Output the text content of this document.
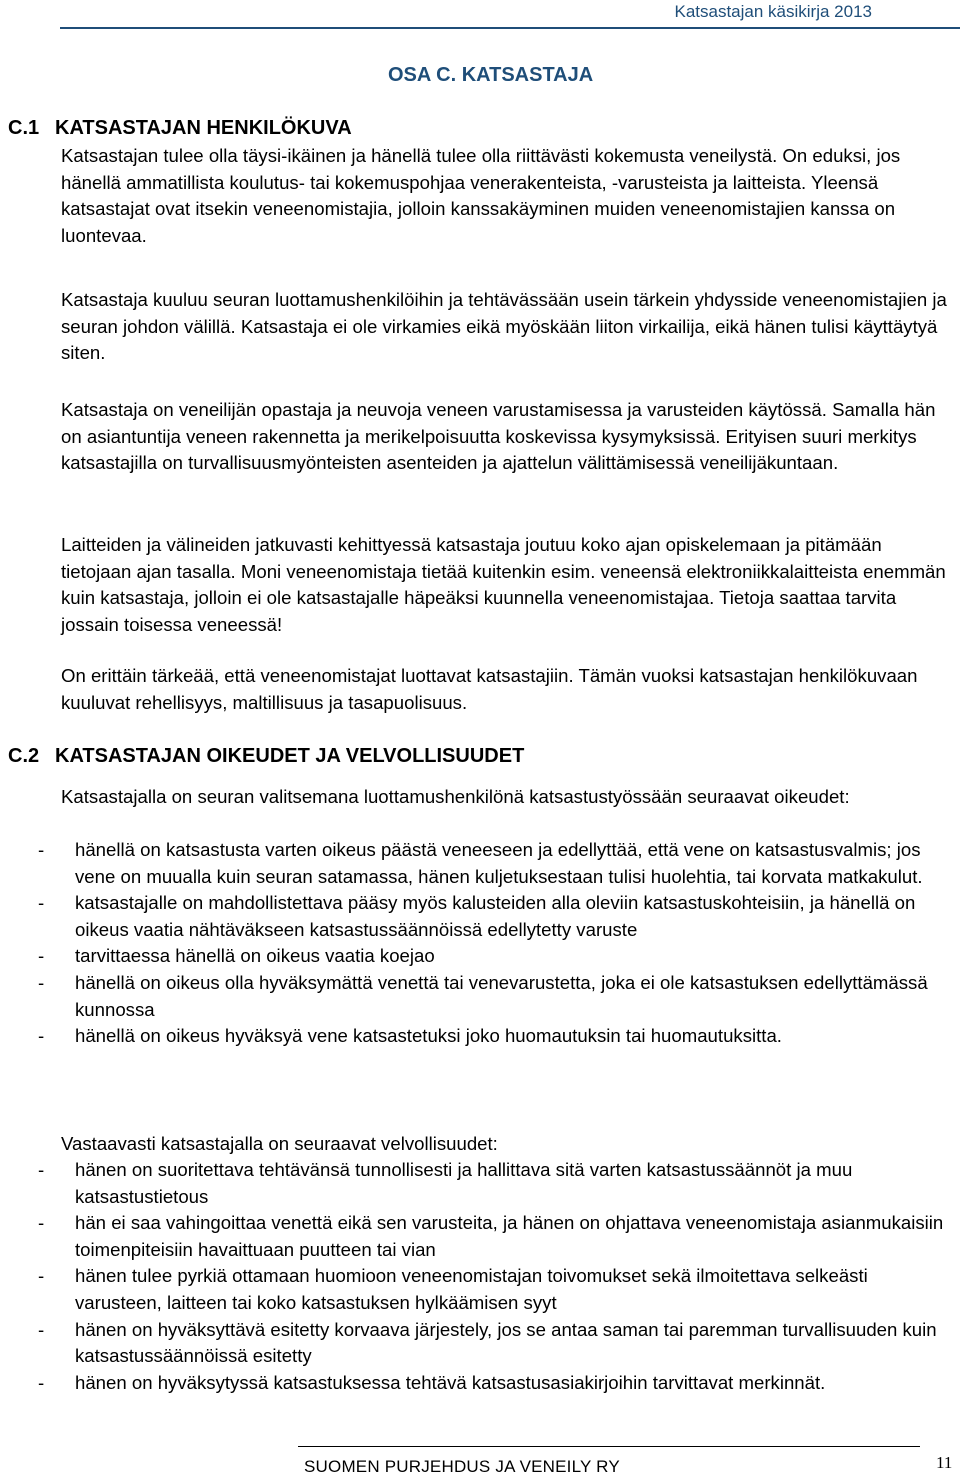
Katsastajan käsikirja 2013
OSA C. KATSASTAJA
C.1 KATSASTAJAN HENKILÖKUVA

Katsastajan tulee olla täysi-ikäinen ja hänellä tulee olla riittävästi kokemusta veneilystä. On eduksi, jos hänellä ammatillista koulutus- tai kokemuspohjaa venerakenteista, -varusteista ja laitteista. Yleensä katsastajat ovat itsekin veneenomistajia, jolloin kanssakäyminen muiden veneenomistajien kanssa on luontevaa.

Katsastaja kuuluu seuran luottamushenkilöihin ja tehtävässään usein tärkein yhdysside veneenomistajien ja seuran johdon välillä. Katsastaja ei ole virkamies eikä myöskään liiton virkailija, eikä hänen tulisi käyttäytyä siten.

Katsastaja on veneilijän opastaja ja neuvoja veneen varustamisessa ja varusteiden käytössä. Samalla hän on asiantuntija veneen rakennetta ja merikelpoisuutta koskevissa kysymyksissä. Erityisen suuri merkitys katsastajilla on turvallisuusmyönteisten asenteiden ja ajattelun välittämisessä veneilijäkuntaan.

Laitteiden ja välineiden jatkuvasti kehittyessä katsastaja joutuu koko ajan opiskelemaan ja pitämään tietojaan ajan tasalla. Moni veneenomistaja tietää kuitenkin esim. veneensä elektroniikkalaitteista enemmän kuin katsastaja, jolloin ei ole katsastajalle häpeäksi kuunnella veneenomistajaa. Tietoja saattaa tarvita jossain toisessa veneessä!

On erittäin tärkeää, että veneenomistajat luottavat katsastajiin. Tämän vuoksi katsastajan henkilökuvaan kuuluvat rehellisyys, maltillisuus ja tasapuolisuus.

C.2 KATSASTAJAN OIKEUDET JA VELVOLLISUUDET

Katsastajalla on seuran valitsemana luottamushenkilönä katsastustyössään seuraavat oikeudet:

- hänellä on katsastusta varten oikeus päästä veneeseen ja edellyttää, että vene on katsastusvalmis; jos vene on muualla kuin seuran satamassa, hänen kuljetuksestaan tulisi huolehtia, tai korvata matkakulut.
- katsastajalle on mahdollistettava pääsy myös kalusteiden alla oleviin katsastuskohteisiin, ja hänellä on oikeus vaatia nähtäväkseen katsastussäännöissä edellytetty varuste
- tarvittaessa hänellä on oikeus vaatia koejao
- hänellä on oikeus olla hyväksymättä venettä tai venevarustetta, joka ei ole katsastuksen edellyttämässä kunnossa
- hänellä on oikeus hyväksyä vene katsastetuksi joko huomautuksin tai huomautuksitta.

Vastaavasti katsastajalla on seuraavat velvollisuudet:

- hänen on suoritettava tehtävänsä tunnollisesti ja hallittava sitä varten katsastussäännöt ja muu katsastustietous
- hän ei saa vahingoittaa venettä eikä sen varusteita, ja hänen on ohjattava veneenomistaja asianmukaisiin toimenpiteisiin havaittuaan puutteen tai vian
- hänen tulee pyrkiä ottamaan huomioon veneenomistajan toivomukset sekä ilmoitettava selkeästi varusteen, laitteen tai koko katsastuksen hylkäämisen syyt
- hänen on hyväksyttävä esitetty korvaava järjestely, jos se antaa saman tai paremman turvallisuuden kuin katsastussäännöissä esitetty
- hänen on hyväksytyssä katsastuksessa tehtävä katsastusasiakirjoihin tarvittavat merkinnät.
SUOMEN PURJEHDUS JA VENEILY RY	11
